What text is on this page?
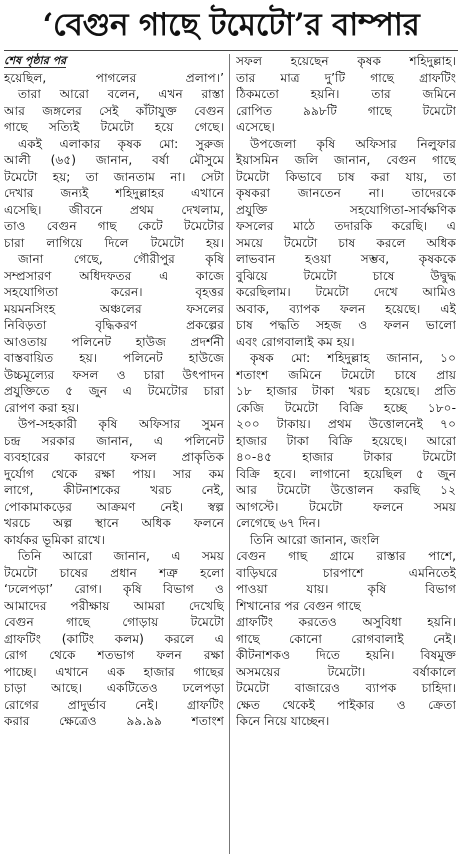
‘বেগুন গাছে টমেটো’র বাম্পার
শেষ পৃষ্ঠার পর
হয়েছিল, পাগলের প্রলাপ।’
তারা আরো বলেন, এখন রাস্তা
আর জঙ্গলের সেই কাঁটাযুক্ত বেগুন
গাছে সত্যিই টমেটো হয়ে গেছে।
একই এলাকার কৃষক মো: সুরুজ
আলী (৬৫) জানান, বর্ষা মৌসুমে
টমেটো হয়; তা জানতাম না। সেটা
দেখার জন্যই শহিদুল্লাহর এখানে
এসেছি। জীবনে প্রথম দেখলাম,
তাও বেগুন গাছ কেটে টমেটোর
চারা লাগিয়ে দিলে টমেটো হয়।
জানা গেছে, গৌরীপুর কৃষি
সম্প্রসারণ অধিদফতর এ কাজে
সহযোগিতা করেন। বৃহত্তর
ময়মনসিংহ অঞ্চলের ফসলের
নিবিড়তা বৃদ্ধিকরণ প্রকল্পের
আওতায় পলিনেট হাউজ প্রদর্শনী
বাস্তবায়িত হয়। পলিনেট হাউজে
উচ্চমূল্যের ফসল ও চারা উৎপাদন
প্রযুক্তিতে ৫ জুন এ টমেটোর চারা
রোপণ করা হয়।
উপ-সহকারী কৃষি অফিসার সুমন
চন্দ্র সরকার জানান, এ পলিনেট
ব্যবহারের কারণে ফসল প্রাকৃতিক
দুর্যোগ থেকে রক্ষা পায়। সার কম
লাগে, কীটনাশকের খরচ নেই,
পোকামাকড়ের আক্রমণ নেই। স্বল্প
খরচে অল্প স্থানে অধিক ফলনে
কার্যকর ভূমিকা রাখে।
তিনি আরো জানান, এ সময়
টমেটো চাষের প্রধান শত্রু হলো
‘ঢলেপড়া’ রোগ। কৃষি বিভাগ ও
আমাদের পরীক্ষায় আমরা দেখেছি
বেগুন গাছে গোড়ায় টমেটো
গ্রাফটিং (কাটিং কলম) করলে এ
রোগ থেকে শতভাগ ফলন রক্ষা
পাচ্ছে। এখানে এক হাজার গাছের
চাড়া আছে। একটিতেও ঢলেপড়া
রোগের প্রাদুর্ভাব নেই। গ্রাফটিং
করার ক্ষেত্রেও ৯৯.৯৯ শতাংশ
সফল হয়েছেন কৃষক শহিদুল্লাহ।
তার মাত্র দু’টি গাছে গ্রাফটিং
ঠিকমতো হয়নি। তার জমিনে
রোপিত ৯৯৮টি গাছে টমেটো
এসেছে।
উপজেলা কৃষি অফিসার নিলুফার
ইয়াসমিন জলি জানান, বেগুন গাছে
টমেটো কিভাবে চাষ করা যায়, তা
কৃষকরা জানতেন না। তাদেরকে
প্রযুক্তি সহযোগিতা-সার্বক্ষণিক
ফসলের মাঠে তদারকি করেছি। এ
সময়ে টমেটো চাষ করলে অধিক
লাভবান হওয়া সম্ভব, কৃষককে
বুঝিয়ে টমেটো চাষে উদ্বুদ্ধ
করেছিলাম। টমেটো দেখে আমিও
অবাক, ব্যাপক ফলন হয়েছে। এই
চাষ পদ্ধতি সহজ ও ফলন ভালো
এবং রোগবালাই কম হয়।
কৃষক মো: শহিদুল্লাহ জানান, ১০
শতাংশ জমিনে টমেটো চাষে প্রায়
১৮ হাজার টাকা খরচ হয়েছে। প্রতি
কেজি টমেটো বিক্রি হচ্ছে ১৮০-
২০০ টাকায়। প্রথম উত্তোলনেই ৭০
হাজার টাকা বিক্রি হয়েছে। আরো
৪০-৪৫ হাজার টাকার টমেটো
বিক্রি হবে। লাগানো হয়েছিল ৫ জুন
আর টমেটো উত্তোলন করছি ১২
আগস্টে। টমেটো ফলনে সময়
লেগেছে ৬৭ দিন।
তিনি আরো জানান, জংলি
বেগুন গাছ গ্রামে রাস্তার পাশে,
বাড়িঘরে চারপাশে এমনিতেই
পাওয়া যায়। কৃষি বিভাগ
শিখানোর পর বেগুন গাছে
গ্রাফটিং করতেও অসুবিধা হয়নি।
গাছে কোনো রোগবালাই নেই।
কীটনাশকও দিতে হয়নি। বিষমুক্ত
অসময়ের টমেটো। বর্ষাকালে
টমেটো বাজারেও ব্যাপক চাহিদা।
ক্ষেত থেকেই পাইকার ও ক্রেতা
কিনে নিয়ে যাচ্ছেন।
